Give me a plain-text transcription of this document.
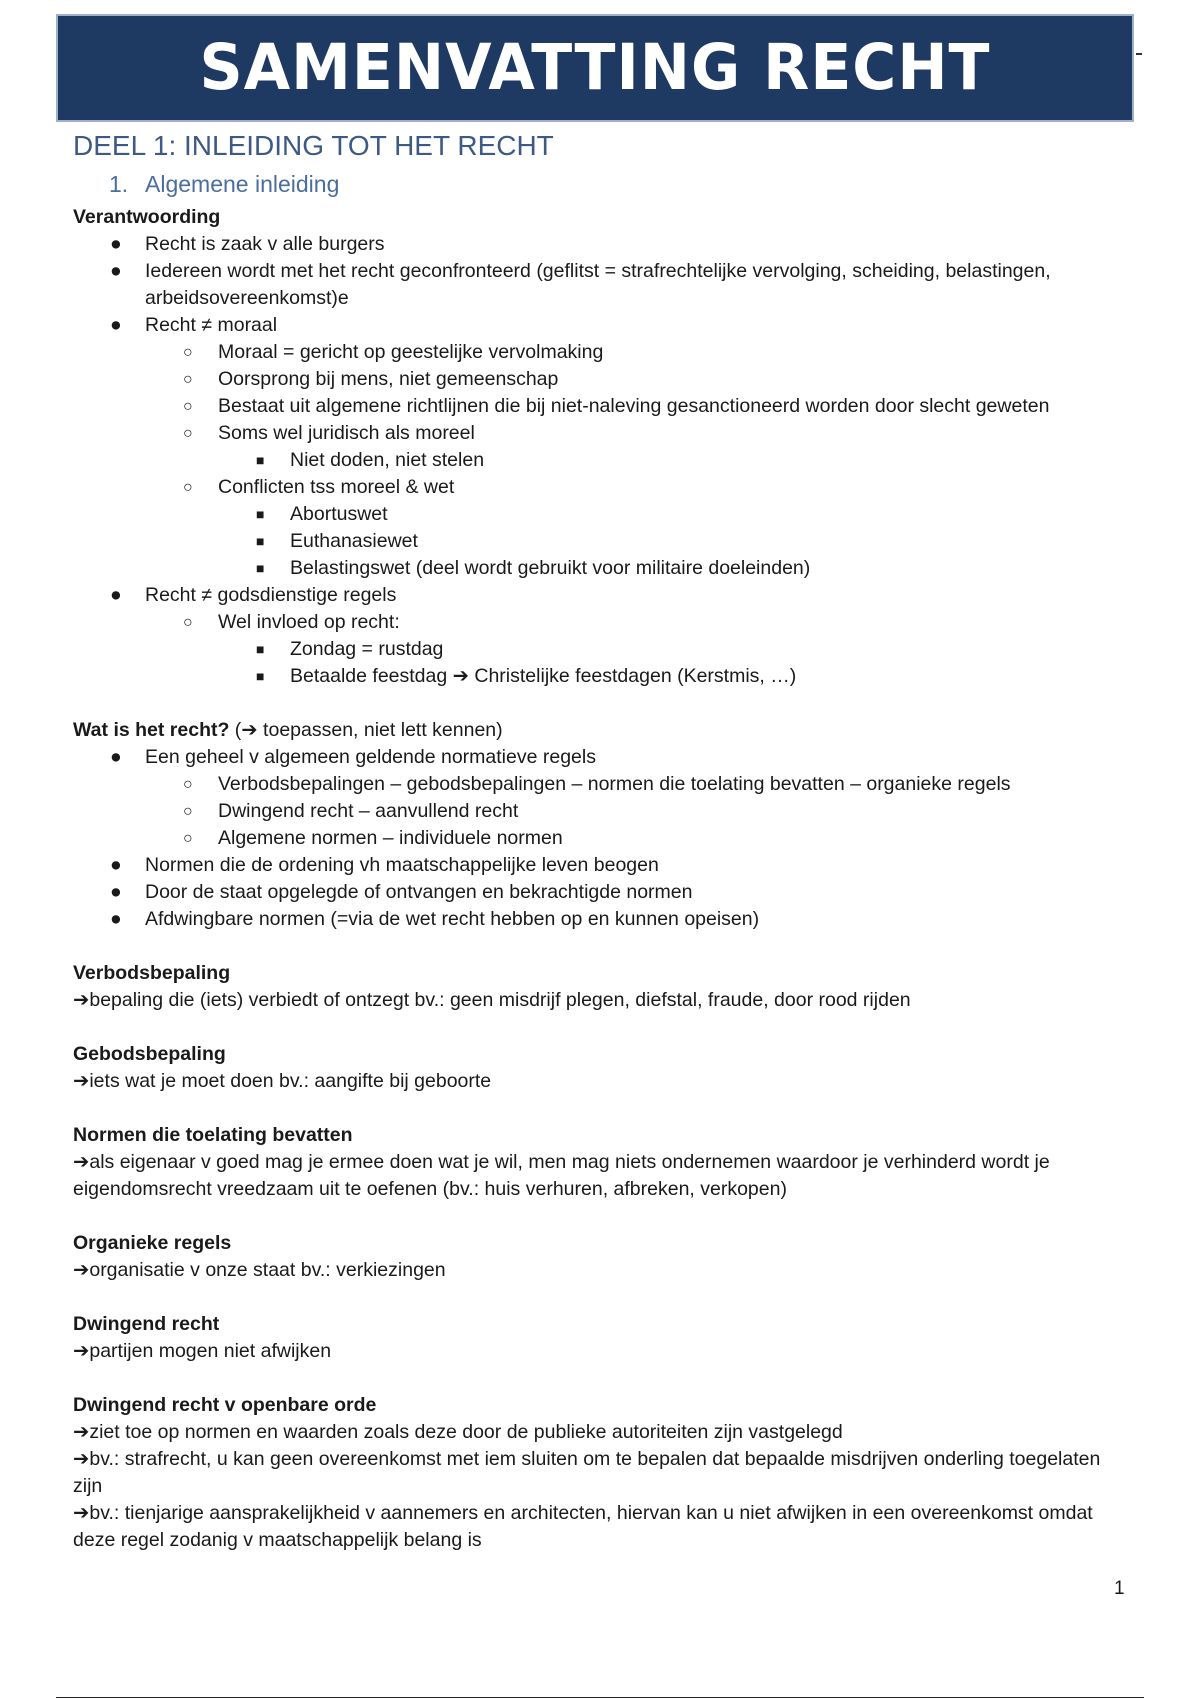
SAMENVATTING RECHT
DEEL 1: INLEIDING TOT HET RECHT
1. Algemene inleiding
Verantwoording
● Recht is zaak v alle burgers
● Iedereen wordt met het recht geconfronteerd (geflitst = strafrechtelijke vervolging, scheiding, belastingen, arbeidsovereenkomst)e
● Recht ≠ moraal
○ Moraal = gericht op geestelijke vervolmaking
○ Oorsprong bij mens, niet gemeenschap
○ Bestaat uit algemene richtlijnen die bij niet-naleving gesanctioneerd worden door slecht geweten
○ Soms wel juridisch als moreel
■ Niet doden, niet stelen
○ Conflicten tss moreel & wet
■ Abortuswet
■ Euthanasiewet
■ Belastingswet (deel wordt gebruikt voor militaire doeleinden)
● Recht ≠ godsdienstige regels
○ Wel invloed op recht:
■ Zondag = rustdag
■ Betaalde feestdag ➔ Christelijke feestdagen (Kerstmis, …)
Wat is het recht? (➔ toepassen, niet lett kennen)
● Een geheel v algemeen geldende normatieve regels
○ Verbodsbepalingen – gebodsbepalingen – normen die toelating bevatten – organieke regels
○ Dwingend recht – aanvullend recht
○ Algemene normen – individuele normen
● Normen die de ordening vh maatschappelijke leven beogen
● Door de staat opgelegde of ontvangen en bekrachtigde normen
● Afdwingbare normen (=via de wet recht hebben op en kunnen opeisen)
Verbodsbepaling
➔bepaling die (iets) verbiedt of ontzegt bv.: geen misdrijf plegen, diefstal, fraude, door rood rijden
Gebodsbepaling
➔iets wat je moet doen bv.: aangifte bij geboorte
Normen die toelating bevatten
➔als eigenaar v goed mag je ermee doen wat je wil, men mag niets ondernemen waardoor je verhinderd wordt je eigendomsrecht vreedzaam uit te oefenen (bv.: huis verhuren, afbreken, verkopen)
Organieke regels
➔organisatie v onze staat bv.: verkiezingen
Dwingend recht
➔partijen mogen niet afwijken
Dwingend recht v openbare orde
➔ziet toe op normen en waarden zoals deze door de publieke autoriteiten zijn vastgelegd
➔bv.: strafrecht, u kan geen overeenkomst met iem sluiten om te bepalen dat bepaalde misdrijven onderling toegelaten zijn
➔bv.: tienjarige aansprakelijkheid v aannemers en architecten, hiervan kan u niet afwijken in een overeenkomst omdat deze regel zodanig v maatschappelijk belang is
1
